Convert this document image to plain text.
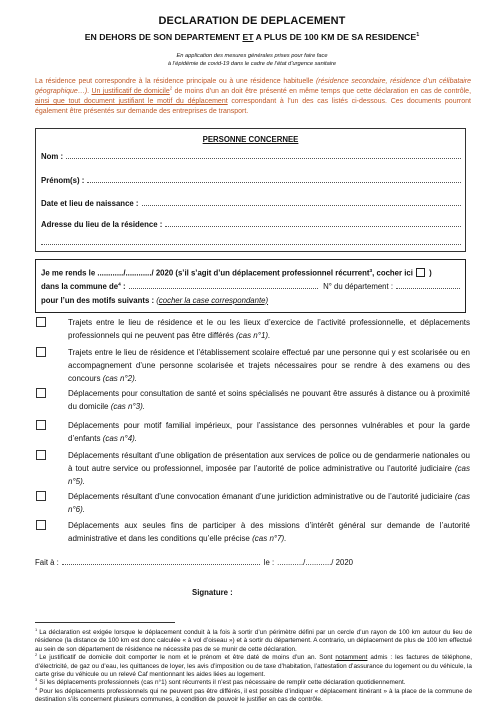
DECLARATION DE DEPLACEMENT
EN DEHORS DE SON DEPARTEMENT ET A PLUS DE 100 KM DE SA RESIDENCE$^1$
En application des mesures générales prises pour faire face
à l’épidémie de covid-19 dans le cadre de l’état d’urgence sanitaire
La résidence peut correspondre à la résidence principale ou à une résidence habituelle (résidence secondaire, résidence d’un célibataire géographique…). Un justificatif de domicile$^2$ de moins d’un an doit être présenté en même temps que cette déclaration en cas de contrôle, ainsi que tout document justifiant le motif du déplacement correspondant à l’un des cas listés ci-dessous. Ces documents pourront également être présentés sur demande des entreprises de transport.
PERSONNE CONCERNEE
Nom :
Prénom(s) :
Date et lieu de naissance :
Adresse du lieu de la résidence :
Je me rends le ............/............/ 2020 (s’il s’agit d’un déplacement professionnel récurrent$^3$, cocher ici )
dans la commune $de^4$ :	N° du département :
pour l’un des motifs suivants : (cocher la case correspondante)
Trajets entre le lieu de résidence et le ou les lieux d’exercice de l’activité professionnelle, et déplacements professionnels qui ne peuvent pas être différés (cas n°1).
Trajets entre le lieu de résidence et l’établissement scolaire effectué par une personne qui y est scolarisée ou en accompagnement d’une personne scolarisée et trajets nécessaires pour se rendre à des examens ou des concours (cas n°2).
Déplacements pour consultation de santé et soins spécialisés ne pouvant être assurés à distance ou à proximité du domicile (cas n°3).
Déplacements pour motif familial impérieux, pour l’assistance des personnes vulnérables et pour la garde d’enfants (cas n°4).
Déplacements résultant d’une obligation de présentation aux services de police ou de gendarmerie nationales ou à tout autre service ou professionnel, imposée par l’autorité de police administrative ou l’autorité judiciaire (cas n°5).
Déplacements résultant d’une convocation émanant d’une juridiction administrative ou de l’autorité judiciaire (cas n°6).
Déplacements aux seules fins de participer à des missions d’intérêt général sur demande de l’autorité administrative et dans les conditions qu’elle précise (cas n°7).
Fait à :	le : ............/............/ 2020
Signature :

$^1$ La déclaration est exigée lorsque le déplacement conduit à la fois à sortir d’un périmètre défini par un cercle d’un rayon de 100 km autour du lieu de résidence (la distance de 100 km est donc calculée « à vol d’oiseau ») et à sortir du département. A contrario, un déplacement de plus de 100 km effectué au sein de son département de résidence ne nécessite pas de se munir de cette déclaration.

$^2$ Le justificatif de domicile doit comporter le nom et le prénom et être daté de moins d’un an. Sont notamment admis : les factures de téléphone, d’électricité, de gaz ou d’eau, les quittances de loyer, les avis d’imposition ou de taxe d’habitation, l’attestation d’assurance du logement ou du véhicule, la carte grise du véhicule ou un relevé Caf mentionnant les aides liées au logement.

$^3$ Si les déplacements professionnels (cas n°1) sont récurrents il n’est pas nécessaire de remplir cette déclaration quotidiennement.

$^4$ Pour les déplacements professionnels qui ne peuvent pas être différés, il est possible d’indiquer « déplacement itinérant » à la place de la commune de destination s’ils concernent plusieurs communes, à condition de pouvoir le justifier en cas de contrôle.
